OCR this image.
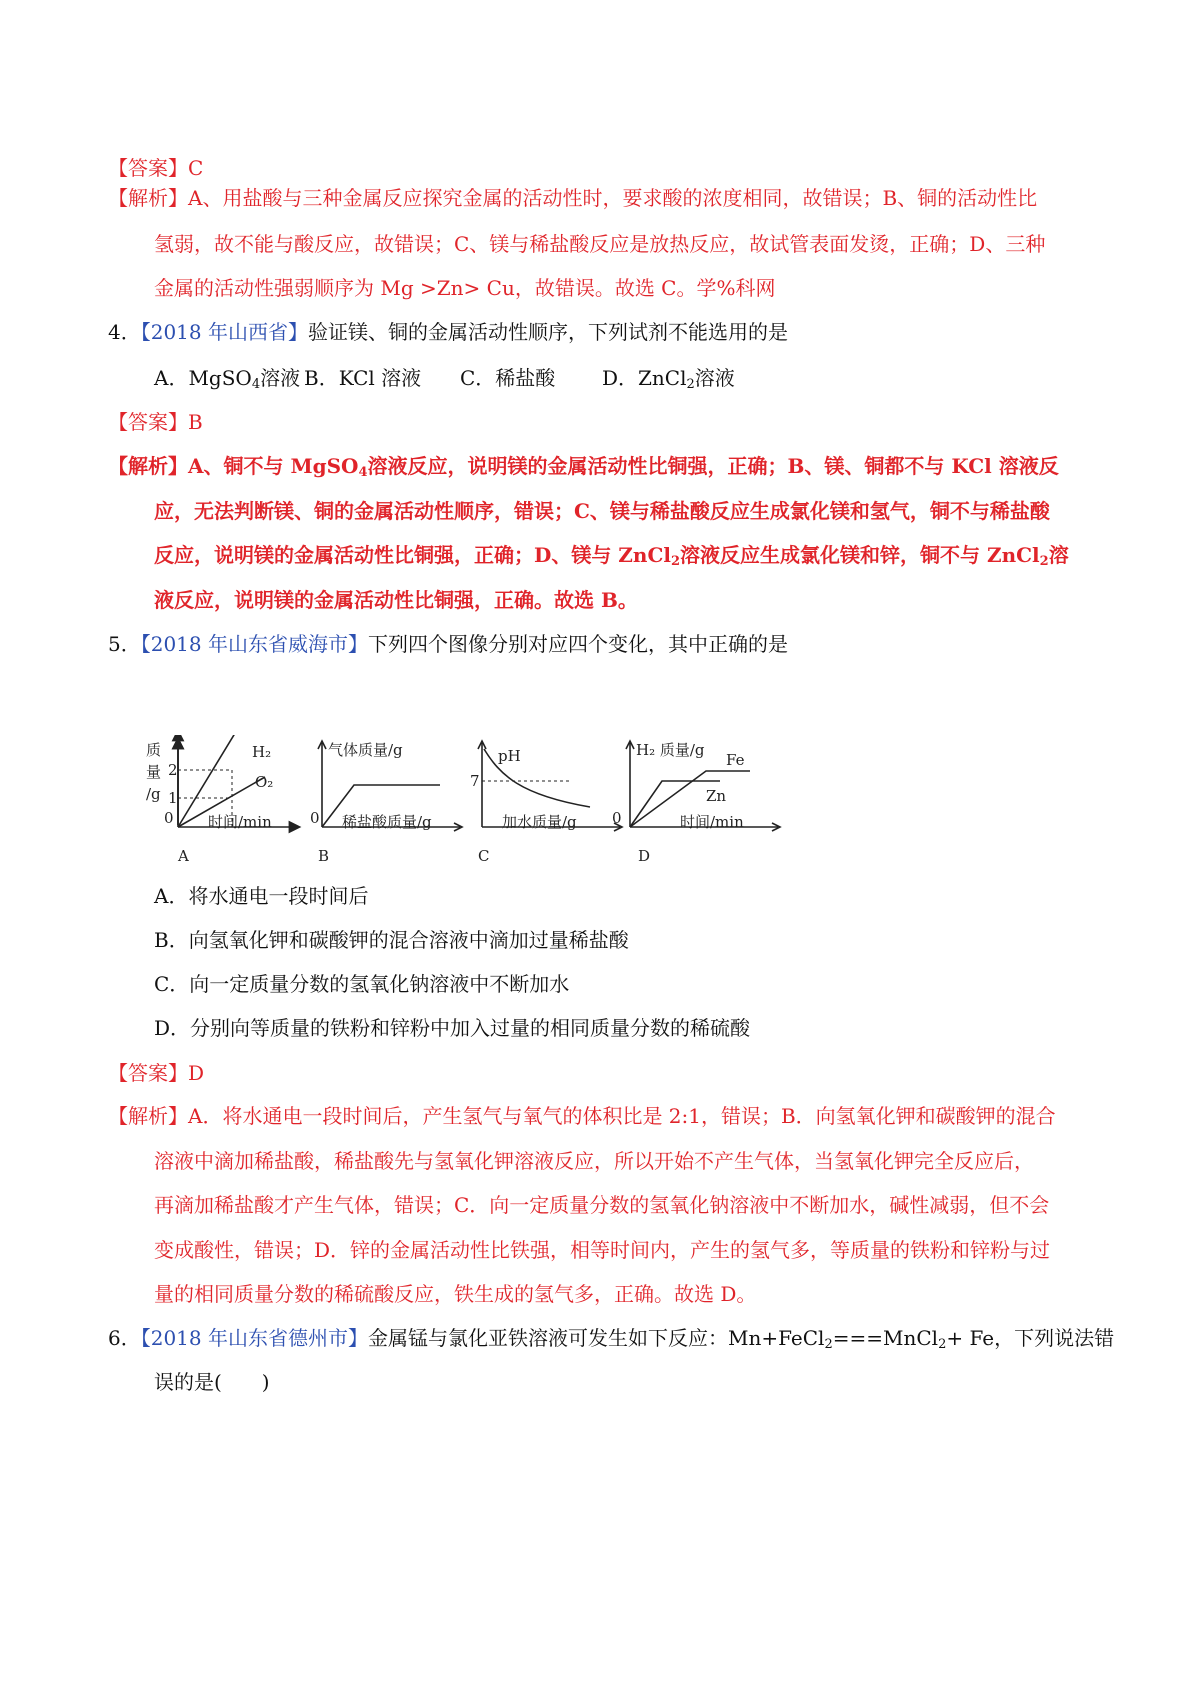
【答案】C
【解析】A、用盐酸与三种金属反应探究金属的活动性时，要求酸的浓度相同，故错误；B、铜的活动性比
氢弱，故不能与酸反应，故错误；C、镁与稀盐酸反应是放热反应，故试管表面发烫，正确；D、三种
金属的活动性强弱顺序为 Mg >Zn> Cu，故错误。故选 C。学%科网
4．【2018 年山西省】验证镁、铜的金属活动性顺序，下列试剂不能选用的是
A．MgSO$_4$溶液 B．KCl 溶液 C．稀盐酸 D．ZnCl$_2$溶液
【答案】B
【解析】A、铜不与 MgSO$_4$溶液反应，说明镁的金属活动性比铜强，正确；B、镁、铜都不与 KCl 溶液反
应，无法判断镁、铜的金属活动性顺序，错误；C、镁与稀盐酸反应生成氯化镁和氢气，铜不与稀盐酸
反应，说明镁的金属活动性比铜强，正确；D、镁与 ZnCl$_2$溶液反应生成氯化镁和锌，铜不与 ZnCl$_2$溶
液反应，说明镁的金属活动性比铜强，正确。故选 B。
5．【2018 年山东省威海市】下列四个图像分别对应四个变化，其中正确的是
质
量
/g
2
1
0
H₂
O₂
时间/min
A
气体质量/g
0 稀盐酸质量/g
B
pH
7
加水质量/g
C
H₂ 质量/g
0
Fe
Zn
时间/min
D
A．将水通电一段时间后
B．向氢氧化钾和碳酸钾的混合溶液中滴加过量稀盐酸
C．向一定质量分数的氢氧化钠溶液中不断加水
D．分别向等质量的铁粉和锌粉中加入过量的相同质量分数的稀硫酸
【答案】D
【解析】A．将水通电一段时间后，产生氢气与氧气的体积比是 2:1，错误；B．向氢氧化钾和碳酸钾的混合
溶液中滴加稀盐酸，稀盐酸先与氢氧化钾溶液反应，所以开始不产生气体，当氢氧化钾完全反应后，
再滴加稀盐酸才产生气体，错误；C．向一定质量分数的氢氧化钠溶液中不断加水，碱性减弱，但不会
变成酸性，错误；D．锌的金属活动性比铁强，相等时间内，产生的氢气多，等质量的铁粉和锌粉与过
量的相同质量分数的稀硫酸反应，铁生成的氢气多，正确。故选 D。
6．【2018 年山东省德州市】金属锰与氯化亚铁溶液可发生如下反应：Mn+FeCl$_2$===MnCl$_2$+ Fe，下列说法错
误的是(　　)
